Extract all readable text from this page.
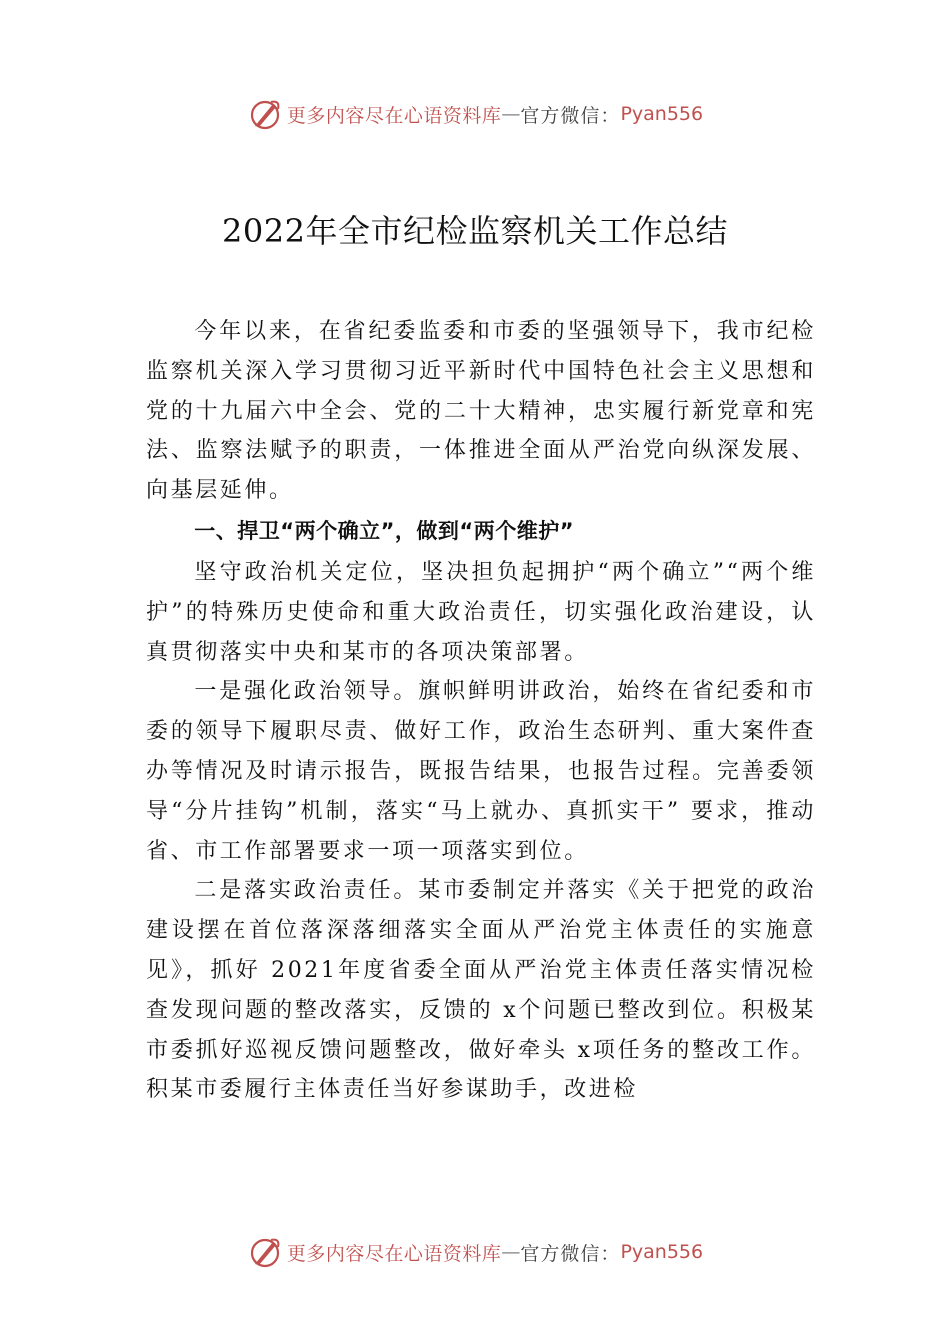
更多内容尽在心语资料库 — 官方微信： Pyan556
2022年全市纪检监察机关工作总结

今年以来，在省纪委监委和市委的坚强领导下，我市纪检监察机关深入学习贯彻习近平新时代中国特色社会主义思想和党的十九届六中全会、党的二十大精神，忠实履行新党章和宪法、监察法赋予的职责，一体推进全面从严治党向纵深发展、向基层延伸。

一、捍卫“两个确立”，做到“两个维护”

坚守政治机关定位，坚决担负起拥护“两个确立”“两个维护”的特殊历史使命和重大政治责任，切实强化政治建设，认真贯彻落实中央和某市的各项决策部署。

一是强化政治领导。旗帜鲜明讲政治，始终在省纪委和市委的领导下履职尽责、做好工作，政治生态研判、重大案件查办等情况及时请示报告，既报告结果，也报告过程。完善委领导“分片挂钩”机制，落实“马上就办、真抓实干” 要求，推动省、市工作部署要求一项一项落实到位。

二是落实政治责任。某市委制定并落实《关于把党的政治建设摆在首位落深落细落实全面从严治党主体责任的实施意见》，抓好 2021年度省委全面从严治党主体责任落实情况检查发现问题的整改落实，反馈的 x个问题已整改到位。积极某市委抓好巡视反馈问题整改，做好牵头 x项任务的整改工作。积某市委履行主体责任当好参谋助手，改进检

更多内容尽在心语资料库 — 官方微信： Pyan556
